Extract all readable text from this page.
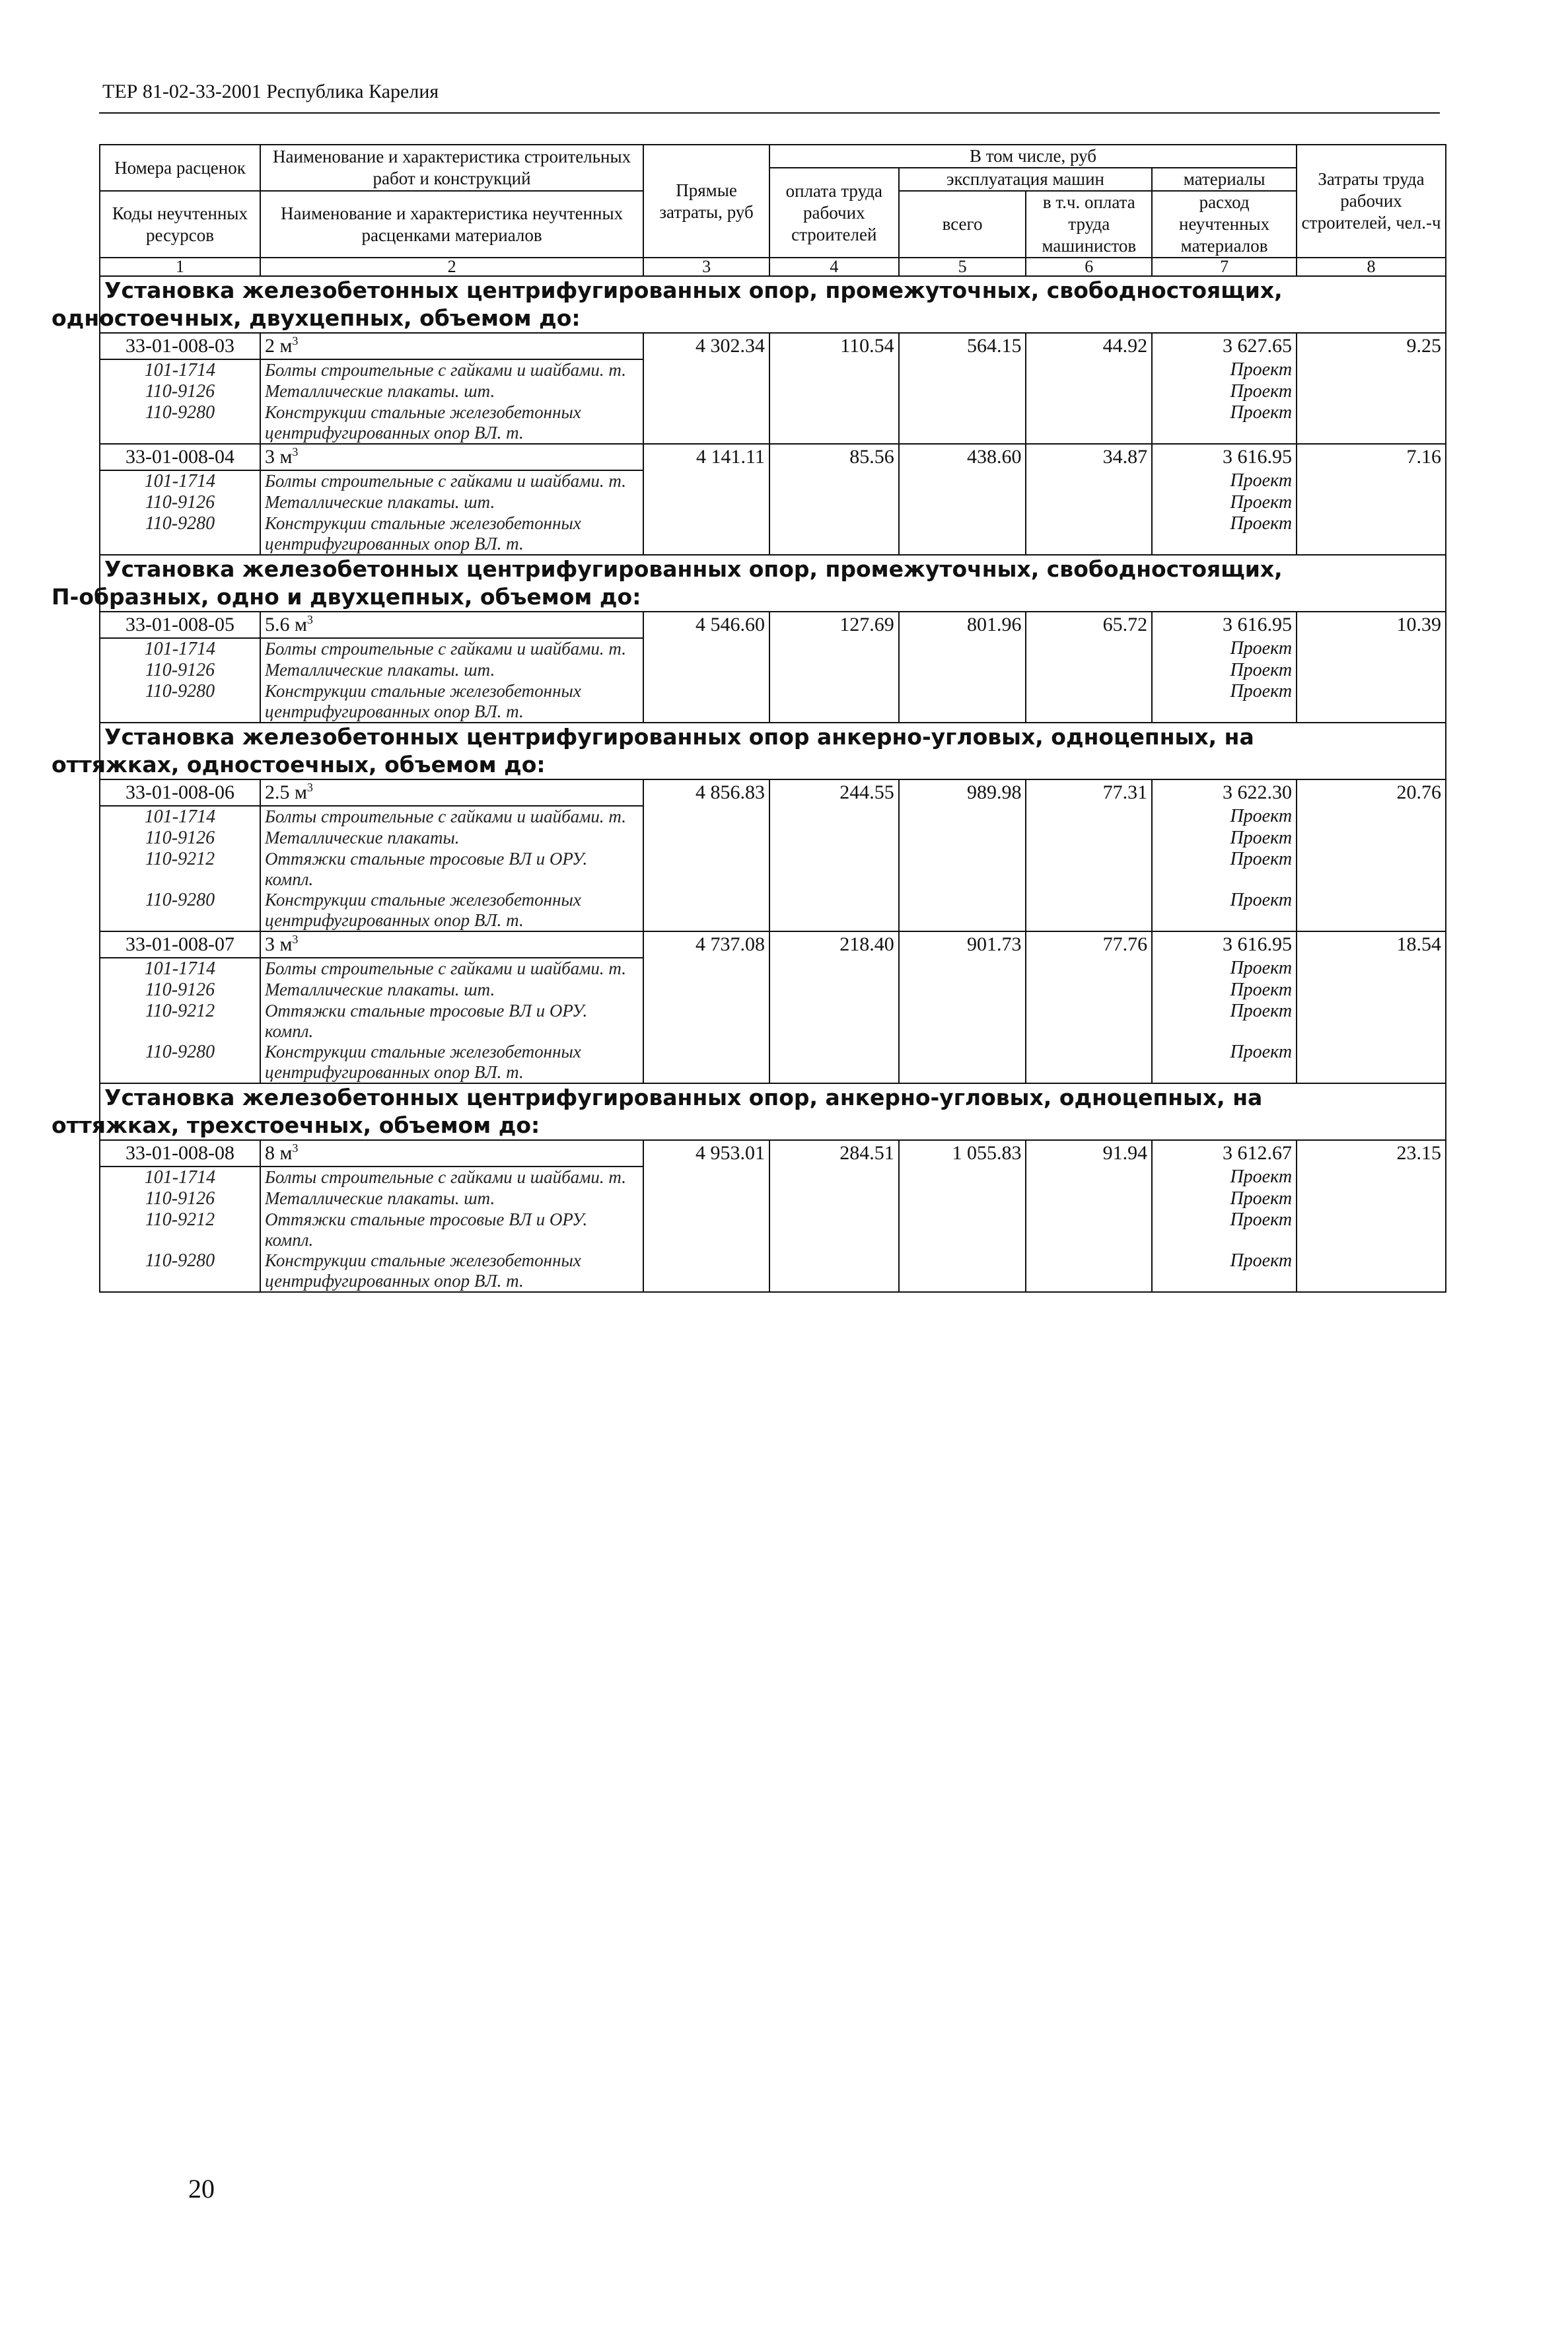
ТЕР 81-02-33-2001 Республика Карелия
Номера расценок	Наименование и характеристика строительных работ и конструкций	Прямые затраты, руб	В том числе, руб				Затраты труда рабочих строителей, чел.-ч
			оплата труда рабочих строителей	эксплуатация машин		материалы	
Коды неучтенных ресурсов	Наименование и характеристика неучтенных расценками материалов			всего	в т.ч. оплата труда машинистов	расход неучтенных материалов	

1	2	3	4	5	6	7	8
Установка железобетонных центрифугированных опор, промежуточных, свободностоящих,
одностоечных, двухцепных, объемом до:							
33-01-008-03	2 $м^3$	4 302.34	110.54	564.15	44.92	3 627.65	9.25
101-1714	Болты строительные с гайками и шайбами. т.					Проект	
110-9126	Металлические плакаты. шт.					Проект	
110-9280	Конструкции стальные железобетонных центрифугированных опор ВЛ. т.					Проект	
33-01-008-04	3 $м^3$	4 141.11	85.56	438.60	34.87	3 616.95	7.16
101-1714	Болты строительные с гайками и шайбами. т.					Проект	
110-9126	Металлические плакаты. шт.					Проект	
110-9280	Конструкции стальные железобетонных центрифугированных опор ВЛ. т.					Проект	
Установка железобетонных центрифугированных опор, промежуточных, свободностоящих,
П-образных, одно и двухцепных, объемом до:							
33-01-008-05	5.6 $м^3$	4 546.60	127.69	801.96	65.72	3 616.95	10.39
101-1714	Болты строительные с гайками и шайбами. т.					Проект	
110-9126	Металлические плакаты. шт.					Проект	
110-9280	Конструкции стальные железобетонных центрифугированных опор ВЛ. т.					Проект	
Установка железобетонных центрифугированных опор анкерно-угловых, одноцепных, на
оттяжках, одностоечных, объемом до:							
33-01-008-06	2.5 $м^3$	4 856.83	244.55	989.98	77.31	3 622.30	20.76
101-1714	Болты строительные с гайками и шайбами. т.					Проект	
110-9126	Металлические плакаты.					Проект	
110-9212	Оттяжки стальные тросовые ВЛ и ОРУ. компл.					Проект	
110-9280	Конструкции стальные железобетонных центрифугированных опор ВЛ. т.					Проект	
33-01-008-07	3 $м^3$	4 737.08	218.40	901.73	77.76	3 616.95	18.54
101-1714	Болты строительные с гайками и шайбами. т.					Проект	
110-9126	Металлические плакаты. шт.					Проект	
110-9212	Оттяжки стальные тросовые ВЛ и ОРУ. компл.					Проект	
110-9280	Конструкции стальные железобетонных центрифугированных опор ВЛ. т.					Проект	
Установка железобетонных центрифугированных опор, анкерно-угловых, одноцепных, на
оттяжках, трехстоечных, объемом до:							
33-01-008-08	8 $м^3$	4 953.01	284.51	1 055.83	91.94	3 612.67	23.15
101-1714	Болты строительные с гайками и шайбами. т.					Проект	
110-9126	Металлические плакаты. шт.					Проект	
110-9212	Оттяжки стальные тросовые ВЛ и ОРУ. компл.					Проект	
110-9280	Конструкции стальные железобетонных центрифугированных опор ВЛ. т.					Проект	
20
